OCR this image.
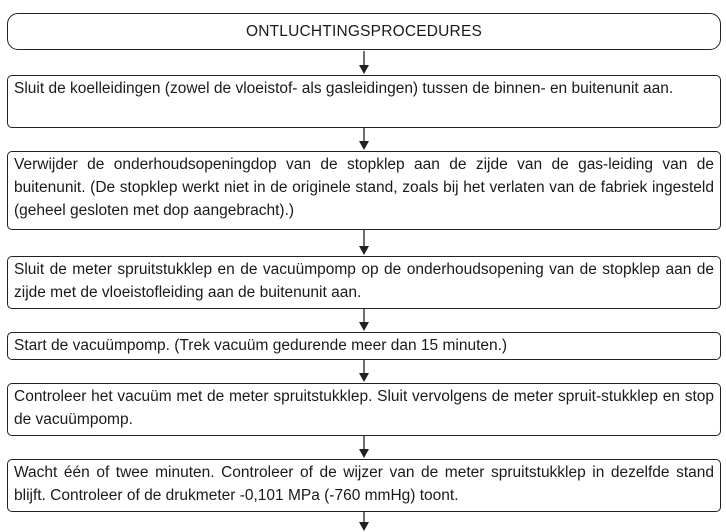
ONTLUCHTINGSPROCEDURES
Sluit de koelleidingen (zowel de vloeistof- als gasleidingen) tussen de binnen- en buitenunit aan.
Verwijder de onderhoudsopeningdop van de stopklep aan de zijde van de gas-leiding van de buitenunit. (De stopklep werkt niet in de originele stand, zoals bij het verlaten van de fabriek ingesteld (geheel gesloten met dop aangebracht).)
Sluit de meter spruitstukklep en de vacuümpomp op de onderhoudsopening van de stopklep aan de zijde met de vloeistofleiding aan de buitenunit aan.
Start de vacuümpomp. (Trek vacuüm gedurende meer dan 15 minuten.)
Controleer het vacuüm met de meter spruitstukklep. Sluit vervolgens de meter spruit-stukklep en stop de vacuümpomp.
Wacht één of twee minuten. Controleer of de wijzer van de meter spruitstukklep in dezelfde stand blijft. Controleer of de drukmeter -0,101 MPa (-760 mmHg) toont.
